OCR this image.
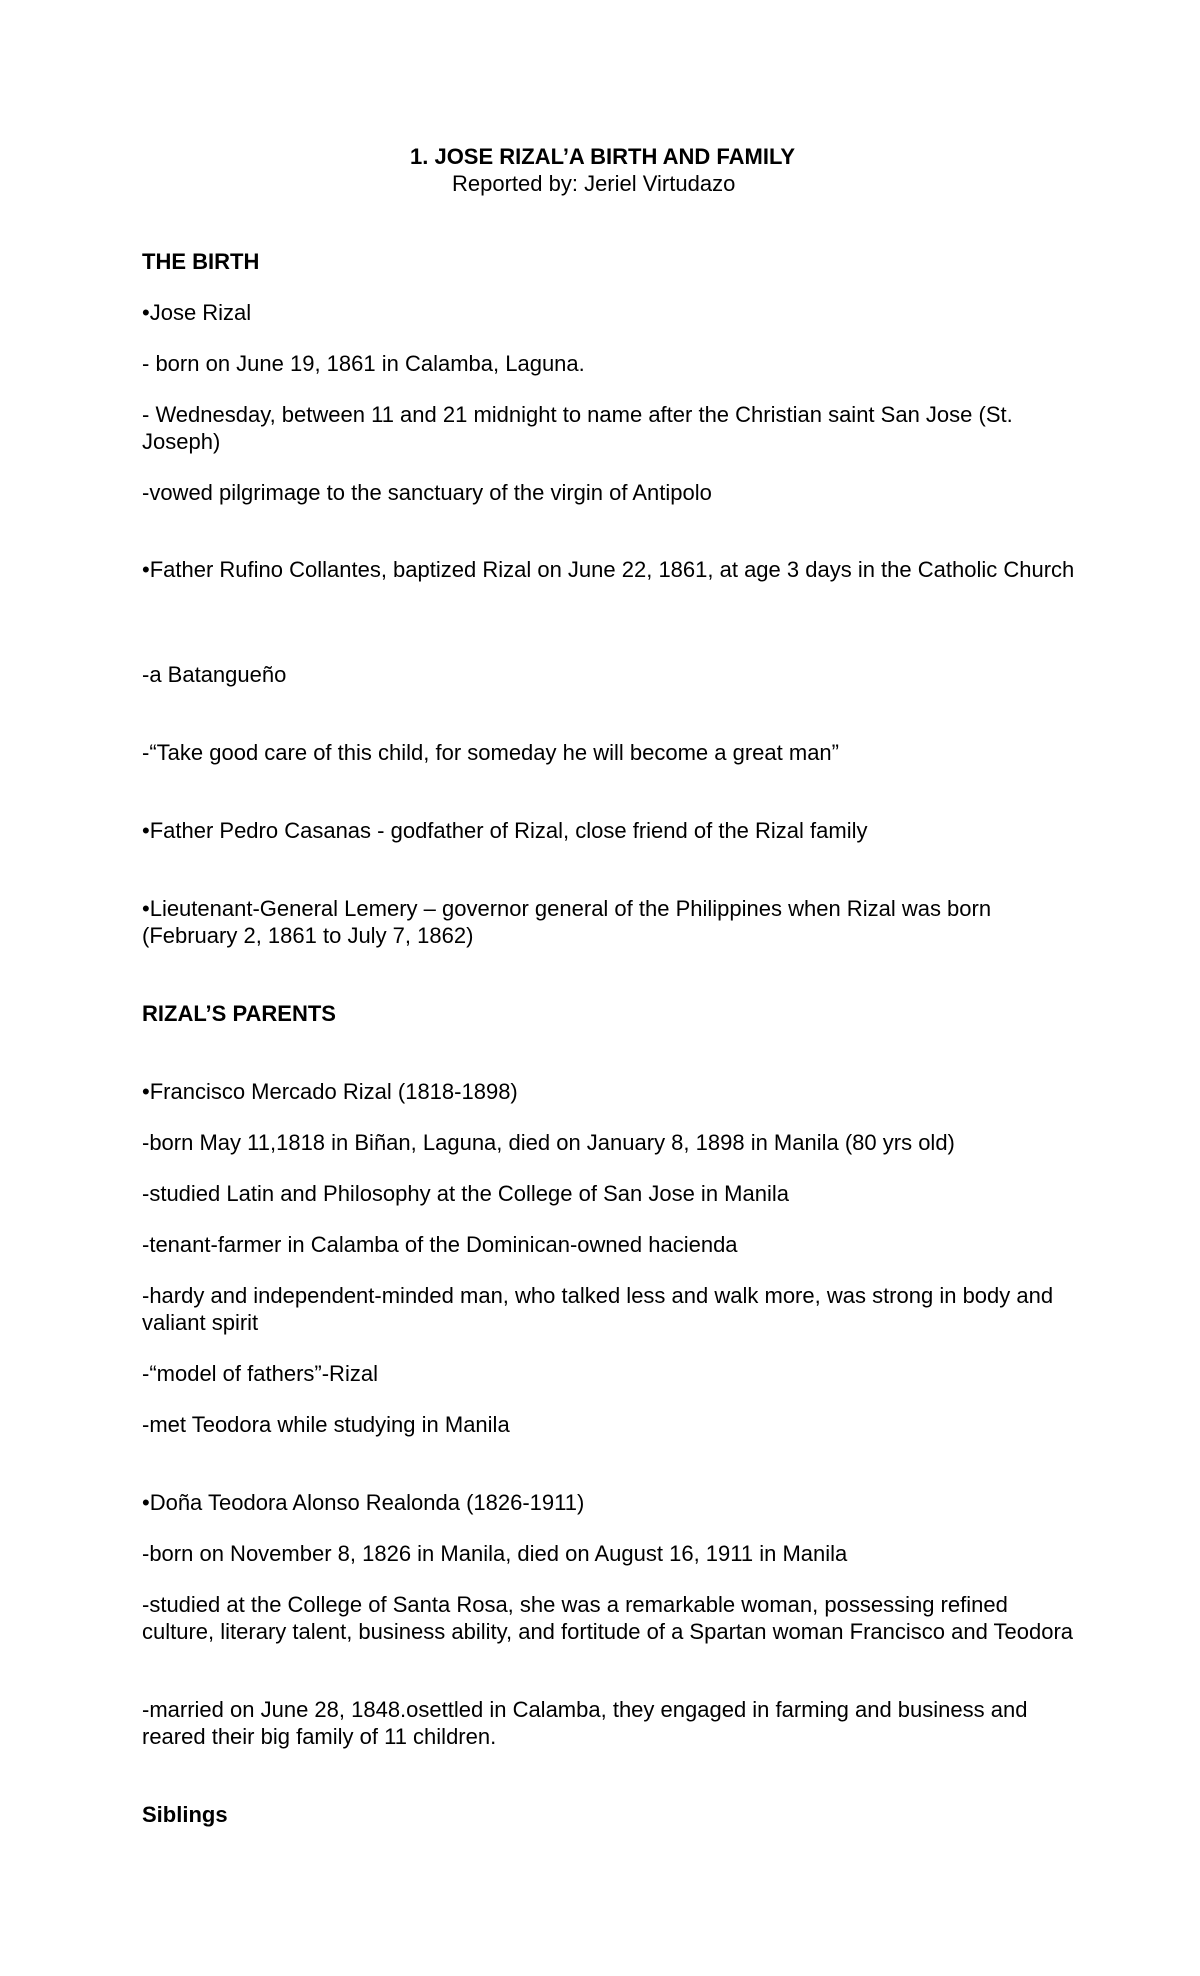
1. JOSE RIZAL’A BIRTH AND FAMILY
Reported by: Jeriel Virtudazo

THE BIRTH

•Jose Rizal

- born on June 19, 1861 in Calamba, Laguna.

- Wednesday, between 11 and 21 midnight to name after the Christian saint San Jose (St. Joseph)

-vowed pilgrimage to the sanctuary of the virgin of Antipolo

•Father Rufino Collantes, baptized Rizal on June 22, 1861, at age 3 days in the Catholic Church

-a Batangueño

-“Take good care of this child, for someday he will become a great man”

•Father Pedro Casanas - godfather of Rizal, close friend of the Rizal family

•Lieutenant-General Lemery – governor general of the Philippines when Rizal was born (February 2, 1861 to July 7, 1862)

RIZAL’S PARENTS

•Francisco Mercado Rizal (1818-1898)

-born May 11,1818 in Biñan, Laguna, died on January 8, 1898 in Manila (80 yrs old)

-studied Latin and Philosophy at the College of San Jose in Manila

-tenant-farmer in Calamba of the Dominican-owned hacienda

-hardy and independent-minded man, who talked less and walk more, was strong in body and valiant spirit

-“model of fathers”-Rizal

-met Teodora while studying in Manila

•Doña Teodora Alonso Realonda (1826-1911)

-born on November 8, 1826 in Manila, died on August 16, 1911 in Manila

-studied at the College of Santa Rosa, she was a remarkable woman, possessing refined culture, literary talent, business ability, and fortitude of a Spartan woman Francisco and Teodora

-married on June 28, 1848.osettled in Calamba, they engaged in farming and business and reared their big family of 11 children.

Siblings
